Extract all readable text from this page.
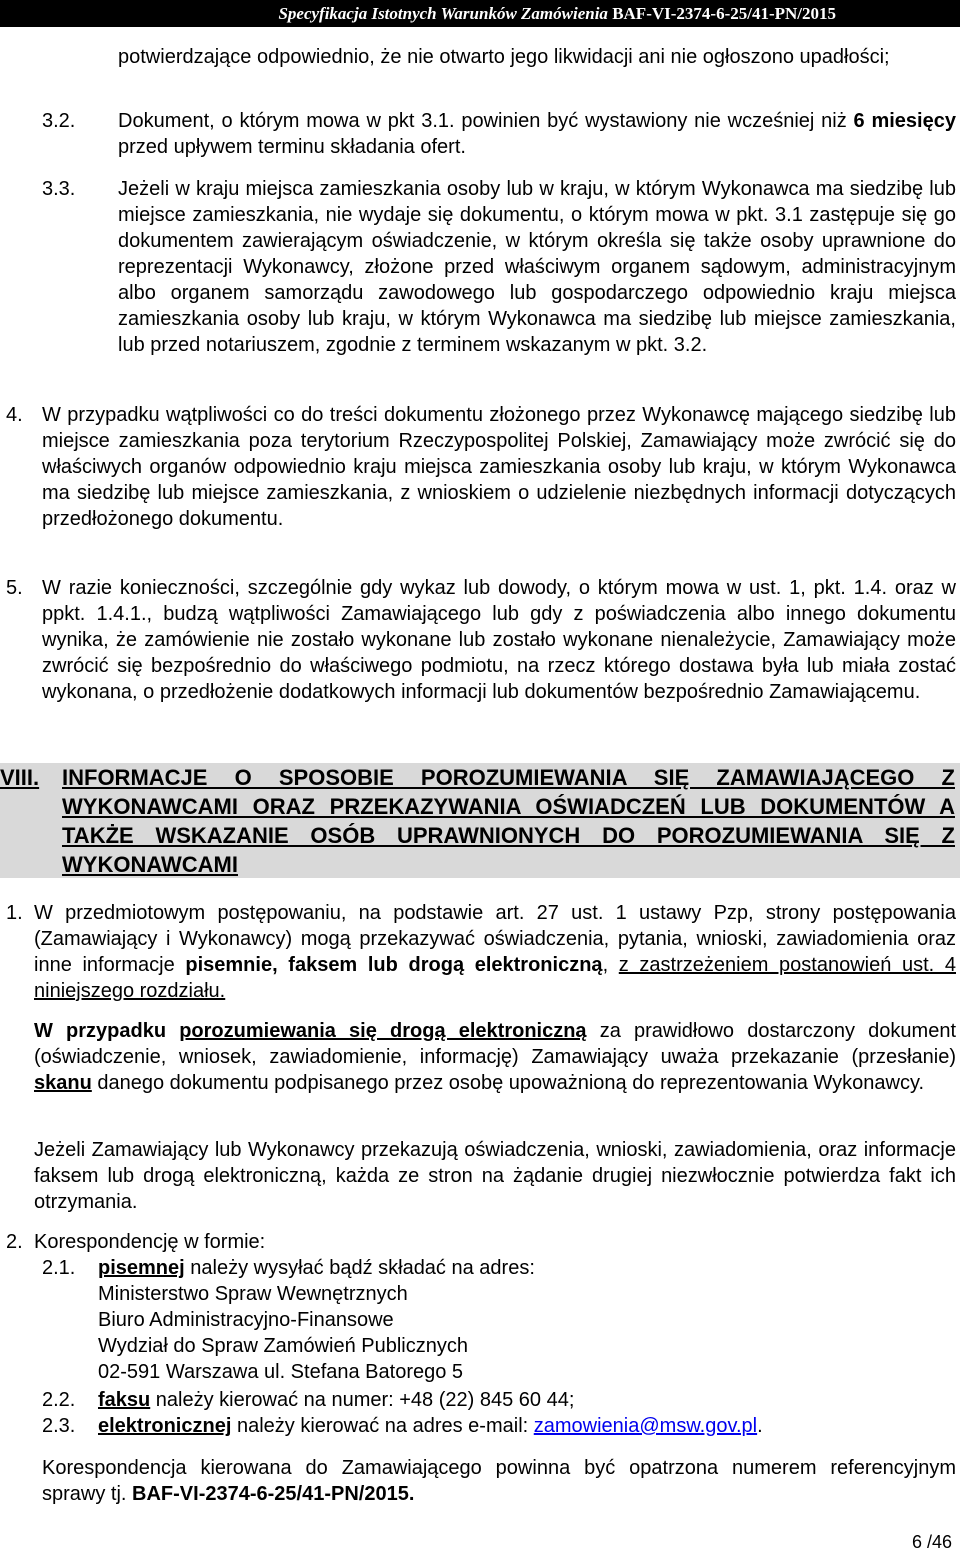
Specyfikacja Istotnych Warunków Zamówienia BAF-VI-2374-6-25/41-PN/2015

potwierdzające odpowiednio, że nie otwarto jego likwidacji ani nie ogłoszono upadłości;

3.2. Dokument, o którym mowa w pkt 3.1. powinien być wystawiony nie wcześniej niż 6 miesięcy przed upływem terminu składania ofert.

3.3. Jeżeli w kraju miejsca zamieszkania osoby lub w kraju, w którym Wykonawca ma siedzibę lub miejsce zamieszkania, nie wydaje się dokumentu, o którym mowa w pkt. 3.1 zastępuje się go dokumentem zawierającym oświadczenie, w którym określa się także osoby uprawnione do reprezentacji Wykonawcy, złożone przed właściwym organem sądowym, administracyjnym albo organem samorządu zawodowego lub gospodarczego odpowiednio kraju miejsca zamieszkania osoby lub kraju, w którym Wykonawca ma siedzibę lub miejsce zamieszkania, lub przed notariuszem, zgodnie z terminem wskazanym w pkt. 3.2.

4. W przypadku wątpliwości co do treści dokumentu złożonego przez Wykonawcę mającego siedzibę lub miejsce zamieszkania poza terytorium Rzeczypospolitej Polskiej, Zamawiający może zwrócić się do właściwych organów odpowiednio kraju miejsca zamieszkania osoby lub kraju, w którym Wykonawca ma siedzibę lub miejsce zamieszkania, z wnioskiem o udzielenie niezbędnych informacji dotyczących przedłożonego dokumentu.

5. W razie konieczności, szczególnie gdy wykaz lub dowody, o którym mowa w ust. 1, pkt. 1.4. oraz w ppkt. 1.4.1., budzą wątpliwości Zamawiającego lub gdy z poświadczenia albo innego dokumentu wynika, że zamówienie nie zostało wykonane lub zostało wykonane nienależycie, Zamawiający może zwrócić się bezpośrednio do właściwego podmiotu, na rzecz którego dostawa była lub miała zostać wykonana, o przedłożenie dodatkowych informacji lub dokumentów bezpośrednio Zamawiającemu.

VIII. INFORMACJE O SPOSOBIE POROZUMIEWANIA SIĘ ZAMAWIAJĄCEGO Z WYKONAWCAMI ORAZ PRZEKAZYWANIA OŚWIADCZEŃ LUB DOKUMENTÓW A TAKŻE WSKAZANIE OSÓB UPRAWNIONYCH DO POROZUMIEWANIA SIĘ Z WYKONAWCAMI
1. W przedmiotowym postępowaniu, na podstawie art. 27 ust. 1 ustawy Pzp, strony postępowania (Zamawiający i Wykonawcy) mogą przekazywać oświadczenia, pytania, wnioski, zawiadomienia oraz inne informacje pisemnie, faksem lub drogą elektroniczną, z zastrzeżeniem postanowień ust. 4 niniejszego rozdziału.

W przypadku porozumiewania się drogą elektroniczną za prawidłowo dostarczony dokument (oświadczenie, wniosek, zawiadomienie, informację) Zamawiający uważa przekazanie (przesłanie) skanu danego dokumentu podpisanego przez osobę upoważnioną do reprezentowania Wykonawcy.

Jeżeli Zamawiający lub Wykonawcy przekazują oświadczenia, wnioski, zawiadomienia, oraz informacje faksem lub drogą elektroniczną, każda ze stron na żądanie drugiej niezwłocznie potwierdza fakt ich otrzymania.

2. Korespondencję w formie:
2.1. pisemnej należy wysyłać bądź składać na adres:
Ministerstwo Spraw Wewnętrznych
Biuro Administracyjno-Finansowe
Wydział do Spraw Zamówień Publicznych
02-591 Warszawa ul. Stefana Batorego 5
2.2. faksu należy kierować na numer: +48 (22) 845 60 44;
2.3. elektronicznej należy kierować na adres e-mail: zamowienia@msw.gov.pl.

Korespondencja kierowana do Zamawiającego powinna być opatrzona numerem referencyjnym sprawy tj. BAF-VI-2374-6-25/41-PN/2015.

6 /46
